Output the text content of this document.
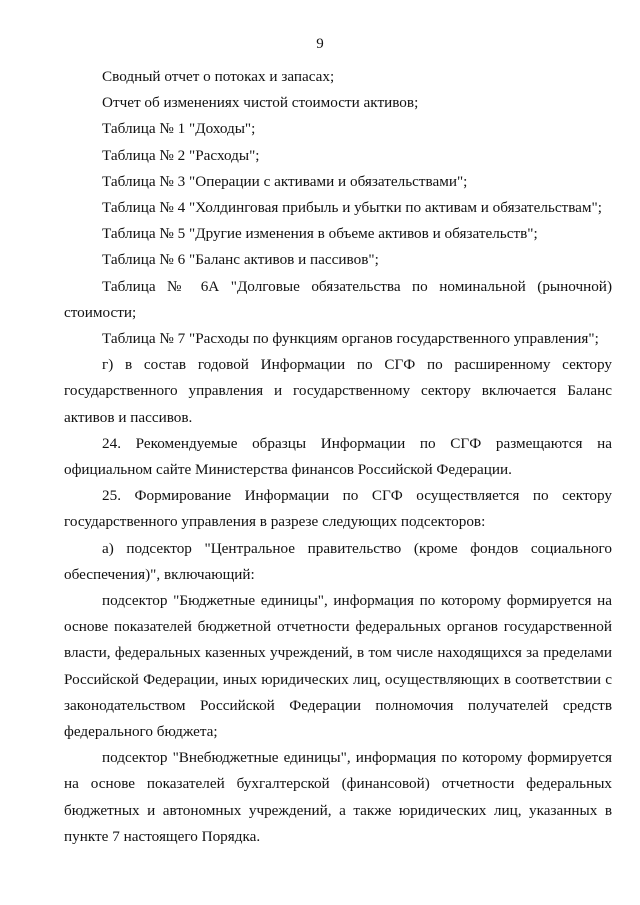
9

Сводный отчет о потоках и запасах;

Отчет об изменениях чистой стоимости активов;

Таблица № 1 "Доходы";

Таблица № 2 "Расходы";

Таблица № 3 "Операции с активами и обязательствами";

Таблица № 4 "Холдинговая прибыль и убытки по активам и обязательствам";

Таблица № 5 "Другие изменения в объеме активов и обязательств";

Таблица № 6 "Баланс активов и пассивов";

Таблица № 6А "Долговые обязательства по номинальной (рыночной) стоимости;

Таблица № 7 "Расходы по функциям органов государственного управления";

г) в состав годовой Информации по СГФ по расширенному сектору государственного управления и государственному сектору включается Баланс активов и пассивов.

24. Рекомендуемые образцы Информации по СГФ размещаются на официальном сайте Министерства финансов Российской Федерации.

25. Формирование Информации по СГФ осуществляется по сектору государственного управления в разрезе следующих подсекторов:

а) подсектор "Центральное правительство (кроме фондов социального обеспечения)", включающий:

подсектор "Бюджетные единицы", информация по которому формируется на основе показателей бюджетной отчетности федеральных органов государственной власти, федеральных казенных учреждений, в том числе находящихся за пределами Российской Федерации, иных юридических лиц, осуществляющих в соответствии с законодательством Российской Федерации полномочия получателей средств федерального бюджета;

подсектор "Внебюджетные единицы", информация по которому формируется на основе показателей бухгалтерской (финансовой) отчетности федеральных бюджетных и автономных учреждений, а также юридических лиц, указанных в пункте 7 настоящего Порядка.
